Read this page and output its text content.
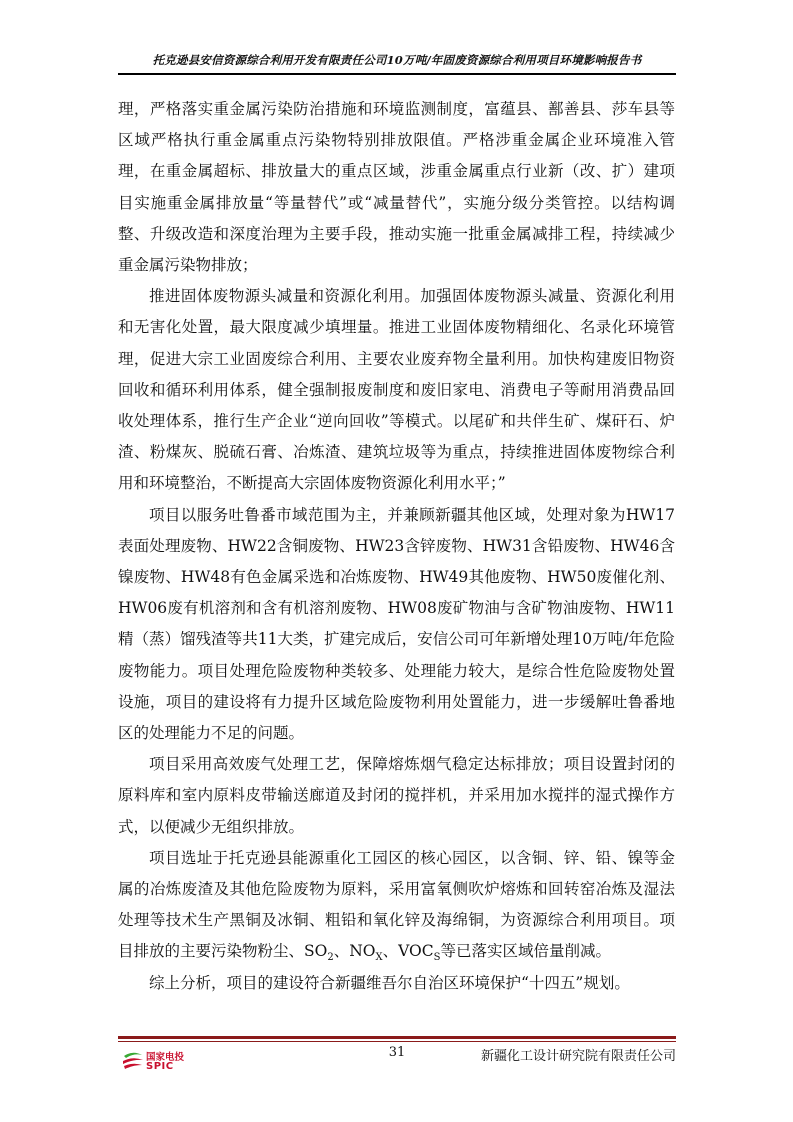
托克逊县安信资源综合利用开发有限责任公司10万吨/年固废资源综合利用项目环境影响报告书

理，严格落实重金属污染防治措施和环境监测制度，富蕴县、鄯善县、莎车县等区域严格执行重金属重点污染物特别排放限值。严格涉重金属企业环境准入管理，在重金属超标、排放量大的重点区域，涉重金属重点行业新（改、扩）建项目实施重金属排放量“等量替代”或“减量替代”，实施分级分类管控。以结构调整、升级改造和深度治理为主要手段，推动实施一批重金属减排工程，持续减少重金属污染物排放；

推进固体废物源头减量和资源化利用。加强固体废物源头减量、资源化利用和无害化处置，最大限度减少填埋量。推进工业固体废物精细化、名录化环境管理，促进大宗工业固废综合利用、主要农业废弃物全量利用。加快构建废旧物资回收和循环利用体系，健全强制报废制度和废旧家电、消费电子等耐用消费品回收处理体系，推行生产企业“逆向回收”等模式。以尾矿和共伴生矿、煤矸石、炉渣、粉煤灰、脱硫石膏、冶炼渣、建筑垃圾等为重点，持续推进固体废物综合利用和环境整治，不断提高大宗固体废物资源化利用水平；”

项目以服务吐鲁番市域范围为主，并兼顾新疆其他区域，处理对象为HW17表面处理废物、HW22含铜废物、HW23含锌废物、HW31含铅废物、HW46含镍废物、HW48有色金属采选和冶炼废物、HW49其他废物、HW50废催化剂、HW06废有机溶剂和含有机溶剂废物、HW08废矿物油与含矿物油废物、HW11精（蒸）馏残渣等共11大类，扩建完成后，安信公司可年新增处理10万吨/年危险废物能力。项目处理危险废物种类较多、处理能力较大，是综合性危险废物处置设施，项目的建设将有力提升区域危险废物利用处置能力，进一步缓解吐鲁番地区的处理能力不足的问题。

项目采用高效废气处理工艺，保障熔炼烟气稳定达标排放；项目设置封闭的原料库和室内原料皮带输送廊道及封闭的搅拌机，并采用加水搅拌的湿式操作方式，以便减少无组织排放。

项目选址于托克逊县能源重化工园区的核心园区，以含铜、锌、铅、镍等金属的冶炼废渣及其他危险废物为原料，采用富氧侧吹炉熔炼和回转窑冶炼及湿法处理等技术生产黑铜及冰铜、粗铅和氧化锌及海绵铜，为资源综合利用项目。项目排放的主要污染物粉尘、$SO_2$、$NO_X$、$VOC_S$等已落实区域倍量削减。

综上分析，项目的建设符合新疆维吾尔自治区环境保护“十四五”规划。

国家电投
SPIC
31	新疆化工设计研究院有限责任公司
